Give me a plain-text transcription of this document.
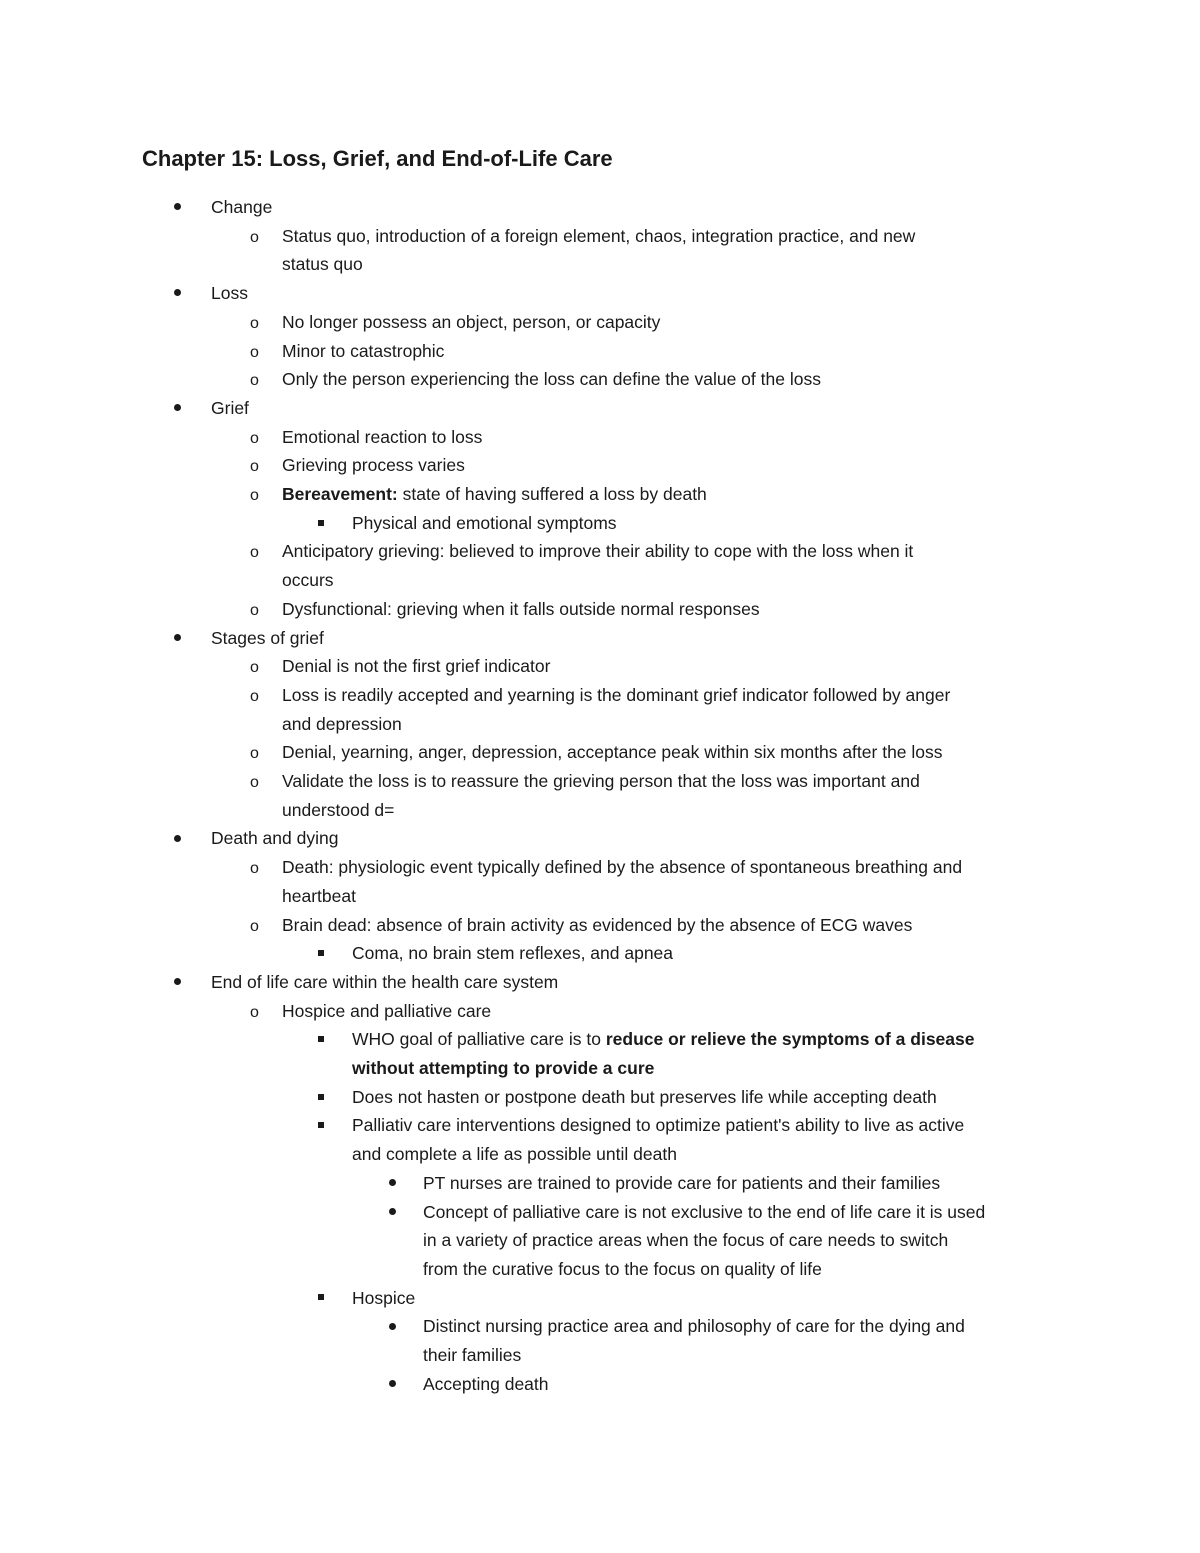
Chapter 15: Loss, Grief, and End-of-Life Care
Change
o Status quo, introduction of a foreign element, chaos, integration practice, and new
status quo
Loss
o No longer possess an object, person, or capacity
o Minor to catastrophic
o Only the person experiencing the loss can define the value of the loss
Grief
o Emotional reaction to loss
o Grieving process varies
o Bereavement: state of having suffered a loss by death
Physical and emotional symptoms
o Anticipatory grieving: believed to improve their ability to cope with the loss when it
occurs
o Dysfunctional: grieving when it falls outside normal responses
Stages of grief
o Denial is not the first grief indicator
o Loss is readily accepted and yearning is the dominant grief indicator followed by anger
and depression
o Denial, yearning, anger, depression, acceptance peak within six months after the loss
o Validate the loss is to reassure the grieving person that the loss was important and
understood d=
Death and dying
o Death: physiologic event typically defined by the absence of spontaneous breathing and
heartbeat
o Brain dead: absence of brain activity as evidenced by the absence of ECG waves
Coma, no brain stem reflexes, and apnea
End of life care within the health care system
o Hospice and palliative care
WHO goal of palliative care is to reduce or relieve the symptoms of a disease
without attempting to provide a cure
Does not hasten or postpone death but preserves life while accepting death
Palliativ care interventions designed to optimize patient's ability to live as active
and complete a life as possible until death
PT nurses are trained to provide care for patients and their families
Concept of palliative care is not exclusive to the end of life care it is used
in a variety of practice areas when the focus of care needs to switch
from the curative focus to the focus on quality of life
Hospice
Distinct nursing practice area and philosophy of care for the dying and
their families
Accepting death
